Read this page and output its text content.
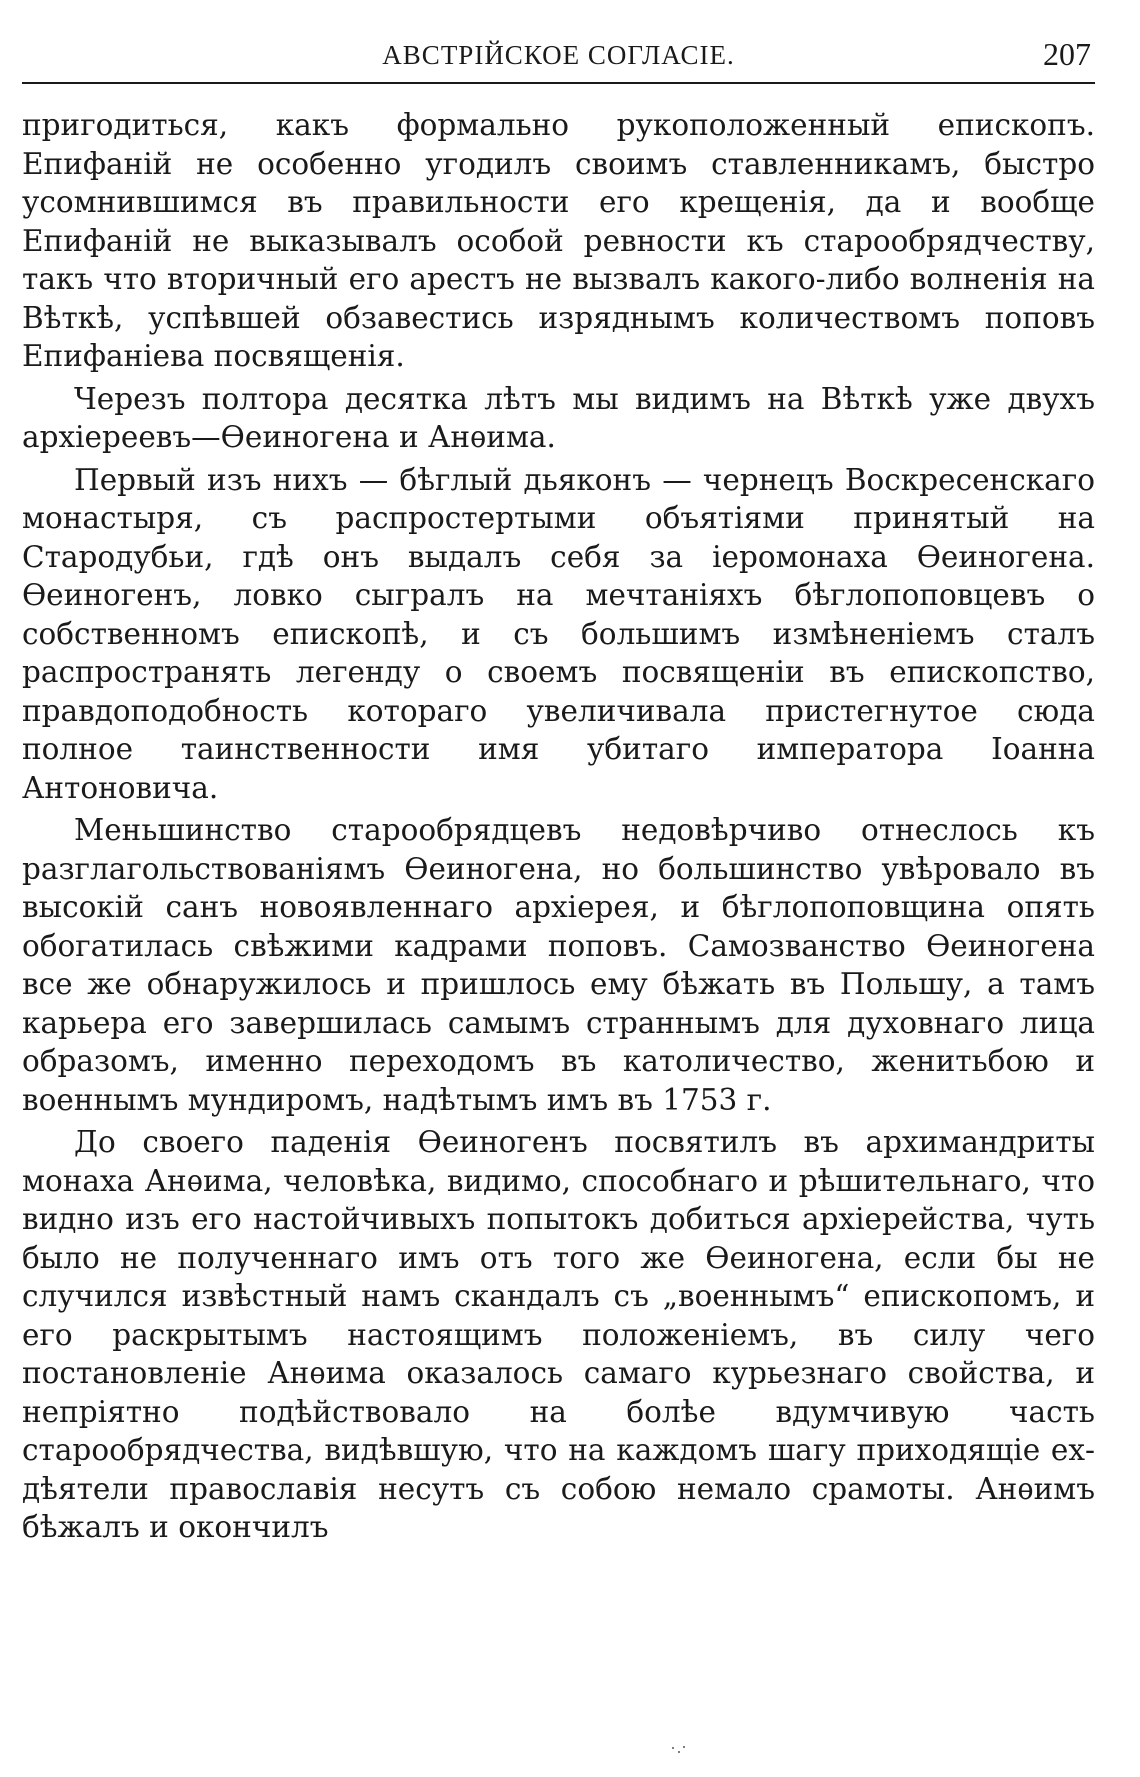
АВСТРІЙСКОЕ СОГЛАСІЕ.	207

пригодиться, какъ формально рукоположенный епископъ. Епифаній не особенно угодилъ своимъ ставленникамъ, быстро усомнившимся въ правильности его крещенія, да и вообще Епифаній не выказывалъ особой ревности къ старообрядчеству, такъ что вторичный его арестъ не вызвалъ какого-либо волненія на Вѣткѣ, успѣвшей обзавестись изряднымъ количествомъ поповъ Епифаніева посвященія.

Черезъ полтора десятка лѣтъ мы видимъ на Вѣткѣ уже двухъ архіереевъ—Ѳеиногена и Анѳима.

Первый изъ нихъ — бѣглый дьяконъ — чернецъ Воскресенскаго монастыря, съ распростертыми объятіями принятый на Стародубьи, гдѣ онъ выдалъ себя за іеромонаха Ѳеиногена. Ѳеиногенъ, ловко сыгралъ на мечтаніяхъ бѣглопоповцевъ о собственномъ епископѣ, и съ большимъ измѣненіемъ сталъ распространять легенду о своемъ посвященіи въ епископство, правдоподобность котораго увеличивала пристегнутое сюда полное таинственности имя убитаго императора Іоанна Антоновича.

Меньшинство старообрядцевъ недовѣрчиво отнеслось къ разглагольствованіямъ Ѳеиногена, но большинство увѣровало въ высокій санъ новоявленнаго архіерея, и бѣглопоповщина опять обогатилась свѣжими кадрами поповъ. Самозванство Ѳеиногена все же обнаружилось и пришлось ему бѣжать въ Польшу, а тамъ карьера его завершилась самымъ страннымъ для духовнаго лица образомъ, именно переходомъ въ католичество, женитьбою и военнымъ мундиромъ, надѣтымъ имъ въ 1753 г.

До своего паденія Ѳеиногенъ посвятилъ въ архимандриты монаха Анѳима, человѣка, видимо, способнаго и рѣшительнаго, что видно изъ его настойчивыхъ попытокъ добиться архіерейства, чуть было не полученнаго имъ отъ того же Ѳеиногена, если бы не случился извѣстный намъ скандалъ съ „военнымъ“ епископомъ, и его раскрытымъ настоящимъ положеніемъ, въ силу чего постановленіе Анѳима оказалось самаго курьезнаго свойства, и непріятно подѣйствовало на болѣе вдумчивую часть старообрядчества, видѣвшую, что на каждомъ шагу приходящіе ех-дѣятели православія несутъ съ собою немало срамоты. Анѳимъ бѣжалъ и окончилъ
